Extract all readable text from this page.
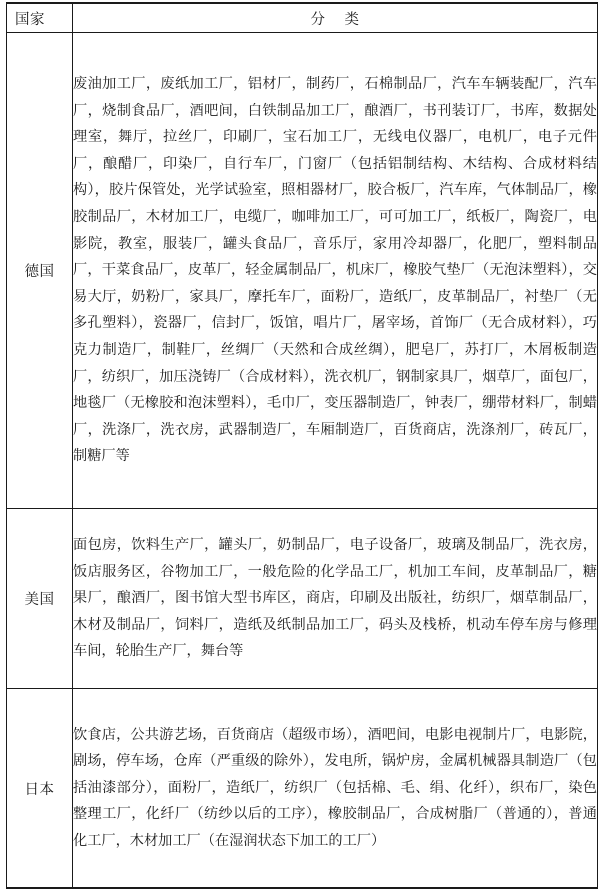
国家	分 类
德国	废油加工厂，废纸加工厂，铝材厂，制药厂，石棉制品厂，汽车车辆装配厂，汽车厂，烧制食品厂，酒吧间，白铁制品加工厂，酿酒厂，书刊装订厂，书库，数据处理室，舞厅，拉丝厂，印刷厂，宝石加工厂，无线电仪器厂，电机厂，电子元件厂，酿醋厂，印染厂，自行车厂，门窗厂（包括铝制结构、木结构、合成材料结构），胶片保管处，光学试验室，照相器材厂，胶合板厂，汽车库，气体制品厂，橡胶制品厂，木材加工厂，电缆厂，咖啡加工厂，可可加工厂，纸板厂，陶瓷厂，电影院，教室，服装厂，罐头食品厂，音乐厅，家用冷却器厂，化肥厂，塑料制品厂，干菜食品厂，皮革厂，轻金属制品厂，机床厂，橡胶气垫厂（无泡沫塑料），交易大厅，奶粉厂，家具厂，摩托车厂，面粉厂，造纸厂，皮革制品厂，衬垫厂（无多孔塑料），瓷器厂，信封厂，饭馆，唱片厂，屠宰场，首饰厂（无合成材料），巧克力制造厂，制鞋厂，丝绸厂（天然和合成丝绸），肥皂厂，苏打厂，木屑板制造厂，纺织厂，加压浇铸厂（合成材料），洗衣机厂，钢制家具厂，烟草厂，面包厂，地毯厂（无橡胶和泡沫塑料），毛巾厂，变压器制造厂，钟表厂，绷带材料厂，制蜡厂，洗涤厂，洗衣房，武器制造厂，车厢制造厂，百货商店，洗涤剂厂，砖瓦厂，制糖厂等

美国	面包房，饮料生产厂，罐头厂，奶制品厂，电子设备厂，玻璃及制品厂，洗衣房，饭店服务区，谷物加工厂，一般危险的化学品工厂，机加工车间，皮革制品厂，糖果厂，酿酒厂，图书馆大型书库区，商店，印刷及出版社，纺织厂，烟草制品厂，木材及制品厂，饲料厂，造纸及纸制品加工厂，码头及栈桥，机动车停车房与修理车间，轮胎生产厂，舞台等

日本	饮食店，公共游艺场，百货商店（超级市场），酒吧间，电影电视制片厂，电影院，剧场，停车场，仓库（严重级的除外），发电所，锅炉房，金属机械器具制造厂（包括油漆部分），面粉厂，造纸厂，纺织厂（包括棉、毛、绢、化纤），织布厂，染色整理工厂，化纤厂（纺纱以后的工序），橡胶制品厂，合成树脂厂（普通的），普通化工厂，木材加工厂（在湿润状态下加工的工厂）
